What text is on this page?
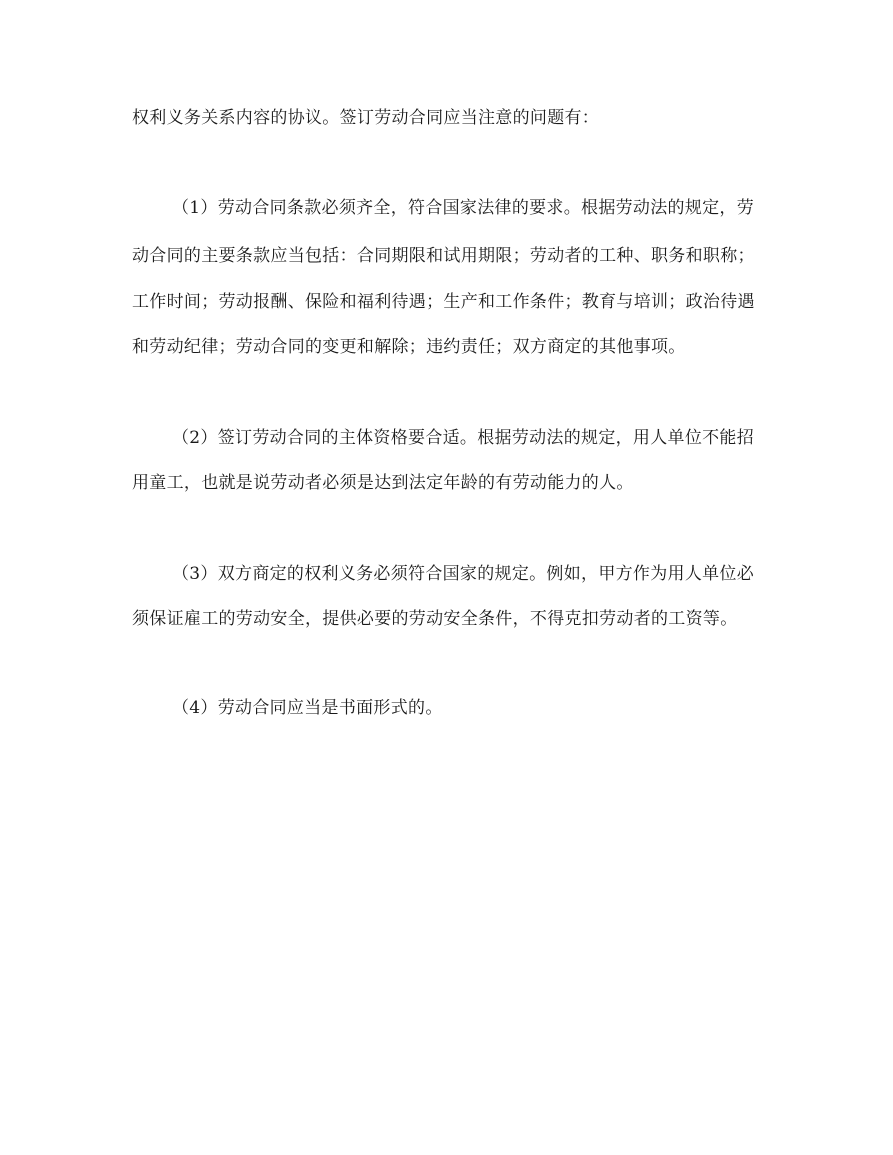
权利义务关系内容的协议。签订劳动合同应当注意的问题有：

（1）劳动合同条款必须齐全，符合国家法律的要求。根据劳动法的规定，劳

动合同的主要条款应当包括：合同期限和试用期限；劳动者的工种、职务和职称；

工作时间；劳动报酬、保险和福利待遇；生产和工作条件；教育与培训；政治待遇

和劳动纪律；劳动合同的变更和解除；违约责任；双方商定的其他事项。

（2）签订劳动合同的主体资格要合适。根据劳动法的规定，用人单位不能招

用童工，也就是说劳动者必须是达到法定年龄的有劳动能力的人。

（3）双方商定的权利义务必须符合国家的规定。例如，甲方作为用人单位必

须保证雇工的劳动安全，提供必要的劳动安全条件，不得克扣劳动者的工资等。

（4）劳动合同应当是书面形式的。
